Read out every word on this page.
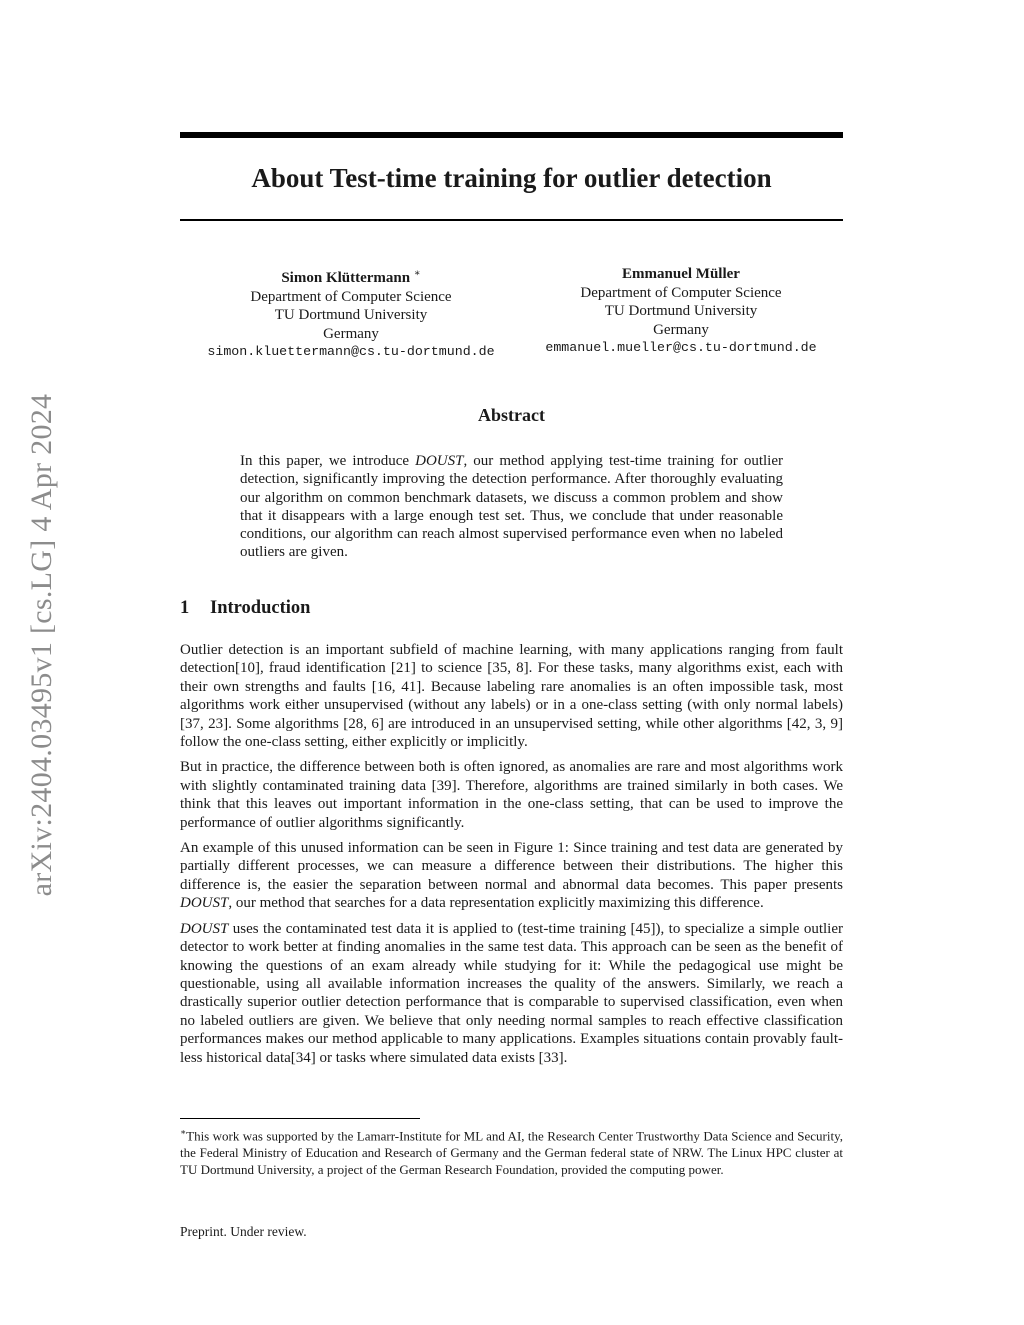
arXiv:2404.03495v1 [cs.LG] 4 Apr 2024
About Test-time training for outlier detection
Simon Klüttermann ∗
Department of Computer Science
TU Dortmund University
Germany
simon.kluettermann@cs.tu-dortmund.de
Emmanuel Müller
Department of Computer Science
TU Dortmund University
Germany
emmanuel.mueller@cs.tu-dortmund.de
Abstract
In this paper, we introduce DOUST, our method applying test-time training for outlier detection, significantly improving the detection performance. After thoroughly evaluating our algorithm on common benchmark datasets, we discuss a common problem and show that it disappears with a large enough test set. Thus, we conclude that under reasonable conditions, our algorithm can reach almost supervised performance even when no labeled outliers are given.
1 Introduction

Outlier detection is an important subfield of machine learning, with many applications ranging from fault detection[10], fraud identification [21] to science [35, 8]. For these tasks, many algorithms exist, each with their own strengths and faults [16, 41]. Because labeling rare anomalies is an often impossible task, most algorithms work either unsupervised (without any labels) or in a one-class setting (with only normal labels)[37, 23]. Some algorithms [28, 6] are introduced in an unsupervised setting, while other algorithms [42, 3, 9] follow the one-class setting, either explicitly or implicitly.

But in practice, the difference between both is often ignored, as anomalies are rare and most algorithms work with slightly contaminated training data [39]. Therefore, algorithms are trained similarly in both cases. We think that this leaves out important information in the one-class setting, that can be used to improve the performance of outlier algorithms significantly.

An example of this unused information can be seen in Figure 1: Since training and test data are generated by partially different processes, we can measure a difference between their distributions. The higher this difference is, the easier the separation between normal and abnormal data becomes. This paper presents DOUST, our method that searches for a data representation explicitly maximizing this difference.

DOUST uses the contaminated test data it is applied to (test-time training [45]), to specialize a simple outlier detector to work better at finding anomalies in the same test data. This approach can be seen as the benefit of knowing the questions of an exam already while studying for it: While the pedagogical use might be questionable, using all available information increases the quality of the answers. Similarly, we reach a drastically superior outlier detection performance that is comparable to supervised classification, even when no labeled outliers are given. We believe that only needing normal samples to reach effective classification performances makes our method applicable to many applications. Examples situations contain provably fault-less historical data[34] or tasks where simulated data exists [33].

∗This work was supported by the Lamarr-Institute for ML and AI, the Research Center Trustworthy Data Science and Security, the Federal Ministry of Education and Research of Germany and the German federal state of NRW. The Linux HPC cluster at TU Dortmund University, a project of the German Research Foundation, provided the computing power.
Preprint. Under review.
